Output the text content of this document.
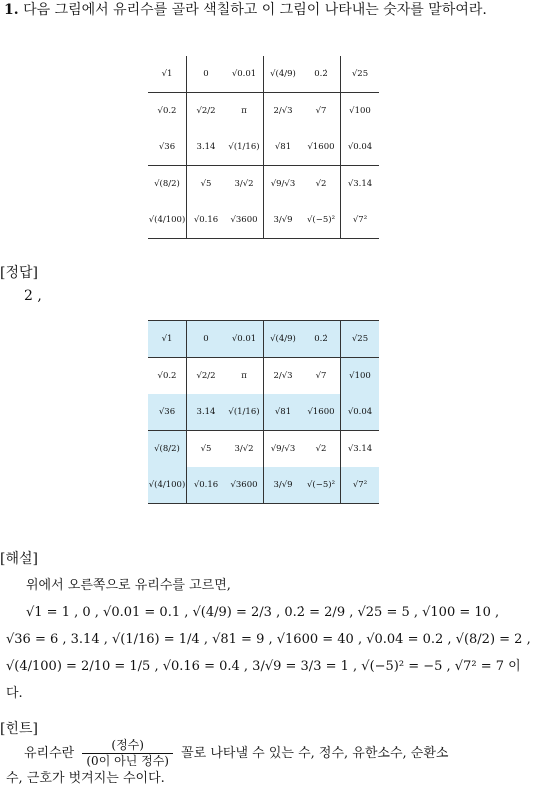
1. 다음 그림에서 유리수를 골라 색칠하고 이 그림이 나타내는 숫자를 말하여라.
√1	0	√0.01	√(4/9)	0.2̇	√25
√0.2	√2/2	π	2/√3	√7	√100
√36	3.14	√(1/16)	√81	√1600	√0.04
√(8/2)	√5	3/√2	√9/√3	√2	√3.14
√(4/100)	√0.16	√3600	3/√9	√(−5)²	√7²
[정답]
2 ,
√1	0	√0.01	√(4/9)	0.2̇	√25
√0.2	√2/2	π	2/√3	√7	√100
√36	3.14	√(1/16)	√81	√1600	√0.04
√(8/2)	√5	3/√2	√9/√3	√2	√3.14
√(4/100)	√0.16	√3600	3/√9	√(−5)²	√7²
[해설]
위에서 오른쪽으로 유리수를 고르면,
√1 = 1 , 0 , √0.01 = 0.1 , √(4/9) = 2/3 , 0.2̇ = 2/9 , √25 = 5 , √100 = 10 ,
√36 = 6 , 3.14 , √(1/16) = 1/4 , √81 = 9 , √1600 = 40 , √0.04 = 0.2 , √(8/2) = 2 ,
√(4/100) = 2/10 = 1/5 , √0.16 = 0.4 , 3/√9 = 3/3 = 1 , √(−5)² = −5 , √7² = 7 이다.
[힌트]
유리수란 $\frac{\text{(정수)}}{\text{(0이 아닌 정수)}}$ 꼴로 나타낼 수 있는 수, 정수, 유한소수, 순환소
수, 근호가 벗겨지는 수이다.
